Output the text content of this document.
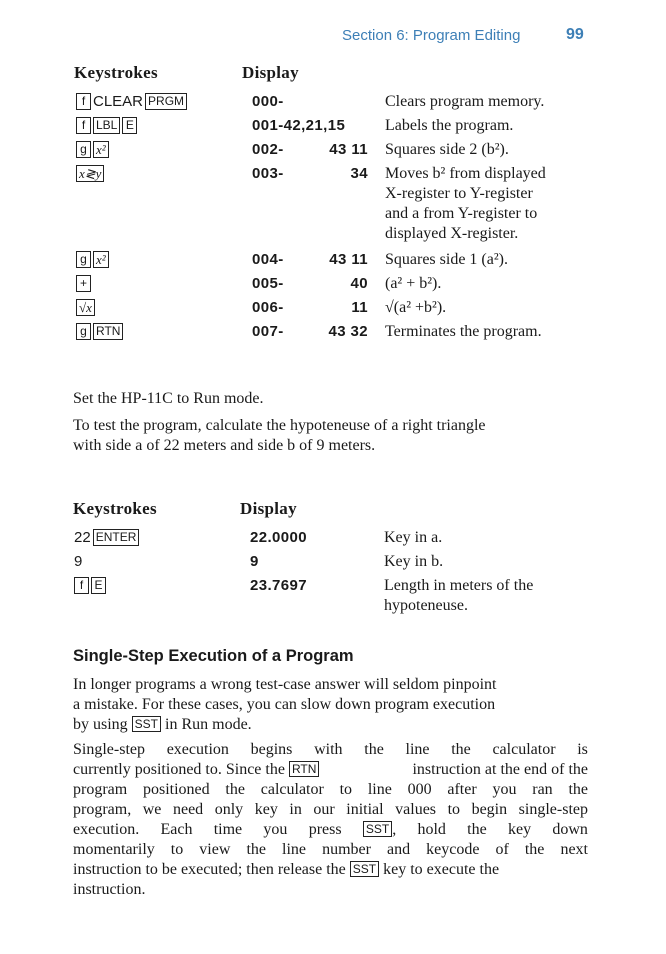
Section 6: Program Editing	99
Keystrokes	Display
f CLEAR PRGM	000-	Clears program memory.
f LBL E	001-42,21,15 Labels the program.
g x²	002-	43 11 Squares side 2 (b²).
x≷y	003-	34 Moves b² from displayed
X-register to Y-register
and a from Y-register to
displayed X-register.
g x²	004-	43 11 Squares side 1 (a²).
+	005-	40 (a² + b²).
√x	006-	11 √(a² +b²).
g RTN	007-	43 32 Terminates the program.
Set the HP-11C to Run mode.
To test the program, calculate the hypoteneuse of a right triangle
with side a of 22 meters and side b of 9 meters.
Keystrokes	Display
22 ENTER	22.0000	Key in a.
9	9	Key in b.
f E	23.7697	Length in meters of the
hypoteneuse.
Single-Step Execution of a Program
In longer programs a wrong test-case answer will seldom pinpoint
a mistake. For these cases, you can slow down program execution
by using SST in Run mode.
Single-step execution begins with the line the calculator is
currently positioned to. Since the RTN	instruction at the end of the
program positioned the calculator to line 000 after you ran the
program, we need only key in our initial values to begin single-step
execution. Each time you press SST , hold the key down
momentarily to view the line number and keycode of the next
instruction to be executed; then release the SST key to execute the
instruction.
